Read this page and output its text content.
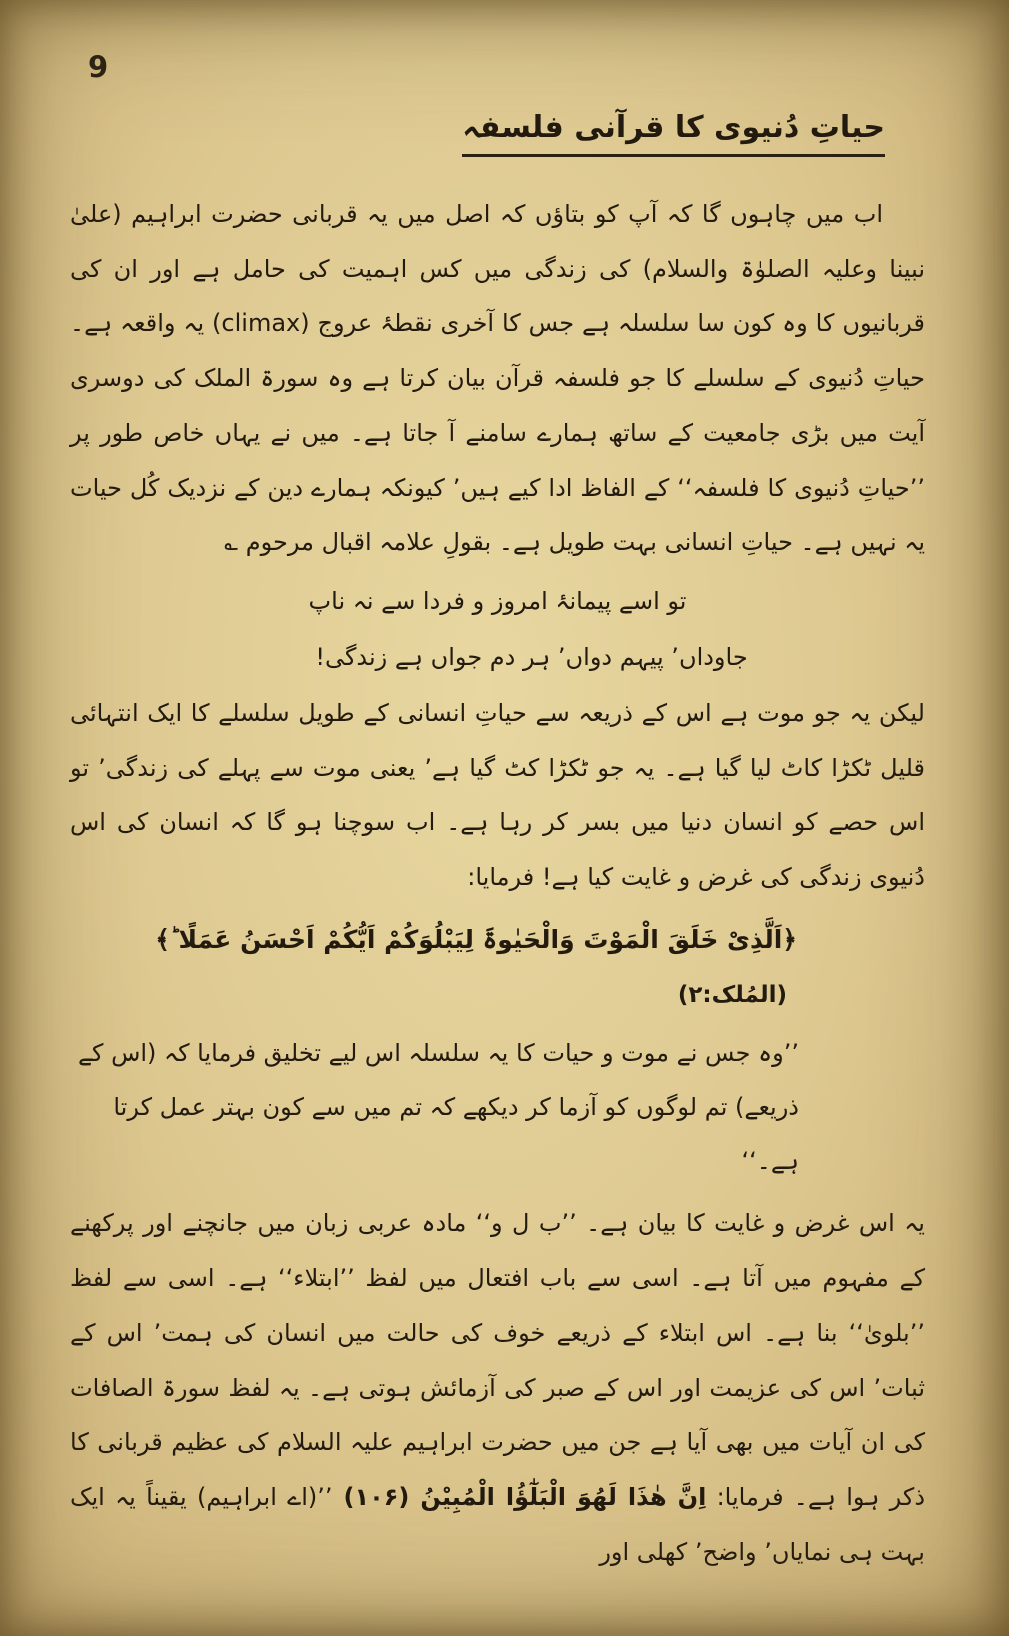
9
حیاتِ دُنیوی کا قرآنی فلسفہ

اب میں چاہوں گا کہ آپ کو بتاؤں کہ اصل میں یہ قربانی حضرت ابراہیم (علیٰ نبینا وعلیہ الصلوٰۃ والسلام) کی زندگی میں کس اہمیت کی حامل ہے اور ان کی قربانیوں کا وہ کون سا سلسلہ ہے جس کا آخری نقطۂ عروج (climax) یہ واقعہ ہے۔ حیاتِ دُنیوی کے سلسلے کا جو فلسفہ قرآن بیان کرتا ہے وہ سورۃ الملک کی دوسری آیت میں بڑی جامعیت کے ساتھ ہمارے سامنے آ جاتا ہے۔ میں نے یہاں خاص طور پر ’’حیاتِ دُنیوی کا فلسفہ‘‘ کے الفاظ ادا کیے ہیں’ کیونکہ ہمارے دین کے نزدیک کُل حیات یہ نہیں ہے۔ حیاتِ انسانی بہت طویل ہے۔ بقولِ علامہ اقبال مرحوم ؎

تو اسے پیمانۂ امروز و فردا سے نہ ناپ
جاوداں’ پیہم دواں’ ہر دم جواں ہے زندگی!

لیکن یہ جو موت ہے اس کے ذریعہ سے حیاتِ انسانی کے طویل سلسلے کا ایک انتہائی قلیل ٹکڑا کاٹ لیا گیا ہے۔ یہ جو ٹکڑا کٹ گیا ہے’ یعنی موت سے پہلے کی زندگی’ تو اس حصے کو انسان دنیا میں بسر کر رہا ہے۔ اب سوچنا ہو گا کہ انسان کی اس دُنیوی زندگی کی غرض و غایت کیا ہے! فرمایا:

﴿اَلَّذِیْ خَلَقَ الْمَوْتَ وَالْحَیٰوۃَ لِیَبْلُوَکُمْ اَیُّکُمْ اَحْسَنُ عَمَلًا ؕ﴾ (المُلک:۲)

’’وہ جس نے موت و حیات کا یہ سلسلہ اس لیے تخلیق فرمایا کہ (اس کے ذریعے) تم لوگوں کو آزما کر دیکھے کہ تم میں سے کون بہتر عمل کرتا ہے۔‘‘

یہ اس غرض و غایت کا بیان ہے۔ ’’ب ل و‘‘ مادہ عربی زبان میں جانچنے اور پرکھنے کے مفہوم میں آتا ہے۔ اسی سے باب افتعال میں لفظ ’’ابتلاء‘‘ ہے۔ اسی سے لفظ ’’بلویٰ‘‘ بنا ہے۔ اس ابتلاء کے ذریعے خوف کی حالت میں انسان کی ہمت’ اس کے ثبات’ اس کی عزیمت اور اس کے صبر کی آزمائش ہوتی ہے۔ یہ لفظ سورۃ الصافات کی ان آیات میں بھی آیا ہے جن میں حضرت ابراہیم علیہ السلام کی عظیم قربانی کا ذکر ہوا ہے۔ فرمایا: اِنَّ ھٰذَا لَھُوَ الْبَلٰٓؤُا الْمُبِیْنُ (۱۰۶) ’’(اے ابراہیم) یقیناً یہ ایک بہت ہی نمایاں’ واضح’ کھلی اور
